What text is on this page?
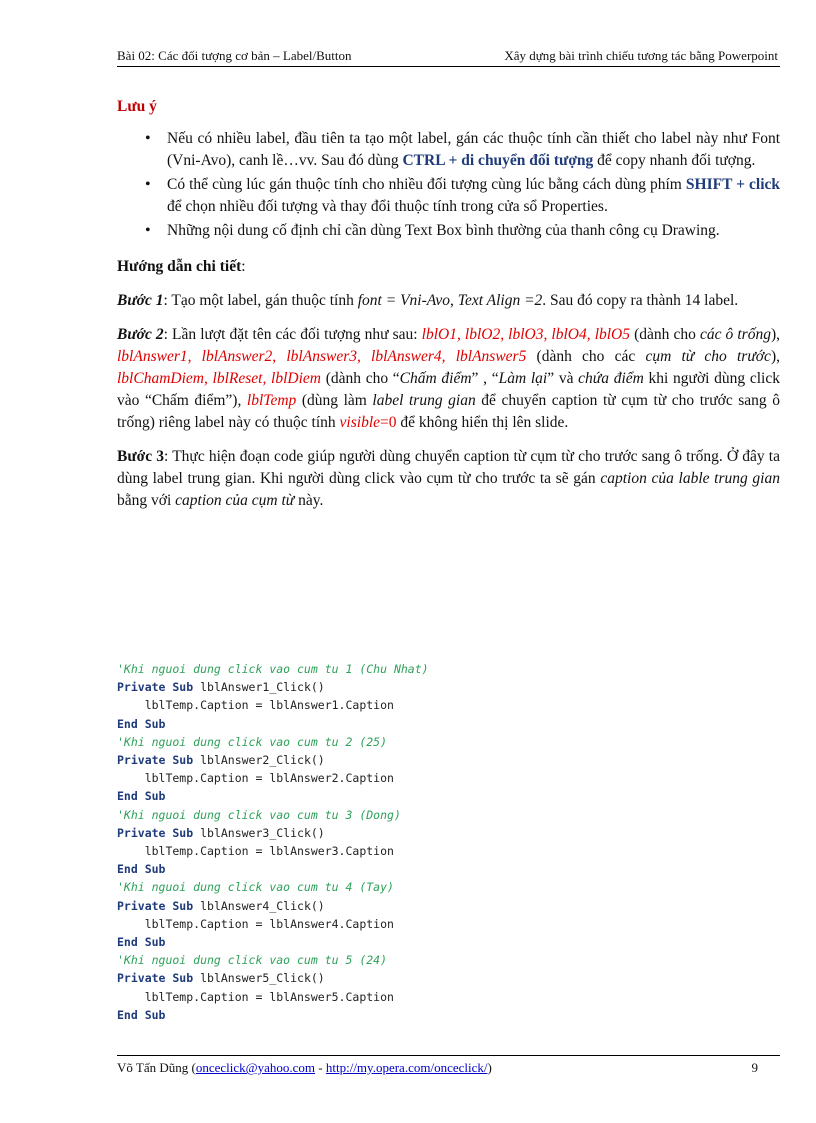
Bài 02: Các đối tượng cơ bản – Label/Button	Xây dựng bài trình chiếu tương tác bằng Powerpoint

Lưu ý

• Nếu có nhiều label, đầu tiên ta tạo một label, gán các thuộc tính cần thiết cho label này như Font (Vni-Avo), canh lề…vv. Sau đó dùng CTRL + di chuyển đối tượng để copy nhanh đối tượng.
• Có thể cùng lúc gán thuộc tính cho nhiều đối tượng cùng lúc bằng cách dùng phím SHIFT + click để chọn nhiều đối tượng và thay đổi thuộc tính trong cửa sổ Properties.
• Những nội dung cố định chỉ cần dùng Text Box bình thường của thanh công cụ Drawing.

Hướng dẫn chi tiết:

Bước 1: Tạo một label, gán thuộc tính font = Vni-Avo, Text Align =2. Sau đó copy ra thành 14 label.

Bước 2: Lần lượt đặt tên các đối tượng như sau: lblO1, lblO2, lblO3, lblO4, lblO5 (dành cho các ô trống), lblAnswer1, lblAnswer2, lblAnswer3, lblAnswer4, lblAnswer5 (dành cho các cụm từ cho trước), lblChamDiem, lblReset, lblDiem (dành cho “Chấm điểm” , “Làm lại” và chứa điểm khi người dùng click vào “Chấm điểm”), lblTemp (dùng làm label trung gian để chuyển caption từ cụm từ cho trước sang ô trống) riêng label này có thuộc tính visible=0 để không hiển thị lên slide.

Bước 3: Thực hiện đoạn code giúp người dùng chuyển caption từ cụm từ cho trước sang ô trống. Ở đây ta dùng label trung gian. Khi người dùng click vào cụm từ cho trước ta sẽ gán caption của lable trung gian bằng với caption của cụm từ này.

'Khi nguoi dung click vao cum tu 1 (Chu Nhat)
Private Sub lblAnswer1_Click()
lblTemp.Caption = lblAnswer1.Caption
End Sub
'Khi nguoi dung click vao cum tu 2 (25)
Private Sub lblAnswer2_Click()
lblTemp.Caption = lblAnswer2.Caption
End Sub
'Khi nguoi dung click vao cum tu 3 (Dong)
Private Sub lblAnswer3_Click()
lblTemp.Caption = lblAnswer3.Caption
End Sub
'Khi nguoi dung click vao cum tu 4 (Tay)
Private Sub lblAnswer4_Click()
lblTemp.Caption = lblAnswer4.Caption
End Sub
'Khi nguoi dung click vao cum tu 5 (24)
Private Sub lblAnswer5_Click()
lblTemp.Caption = lblAnswer5.Caption
End Sub
Võ Tấn Dũng (onceclick@yahoo.com - http://my.opera.com/onceclick/)	9
